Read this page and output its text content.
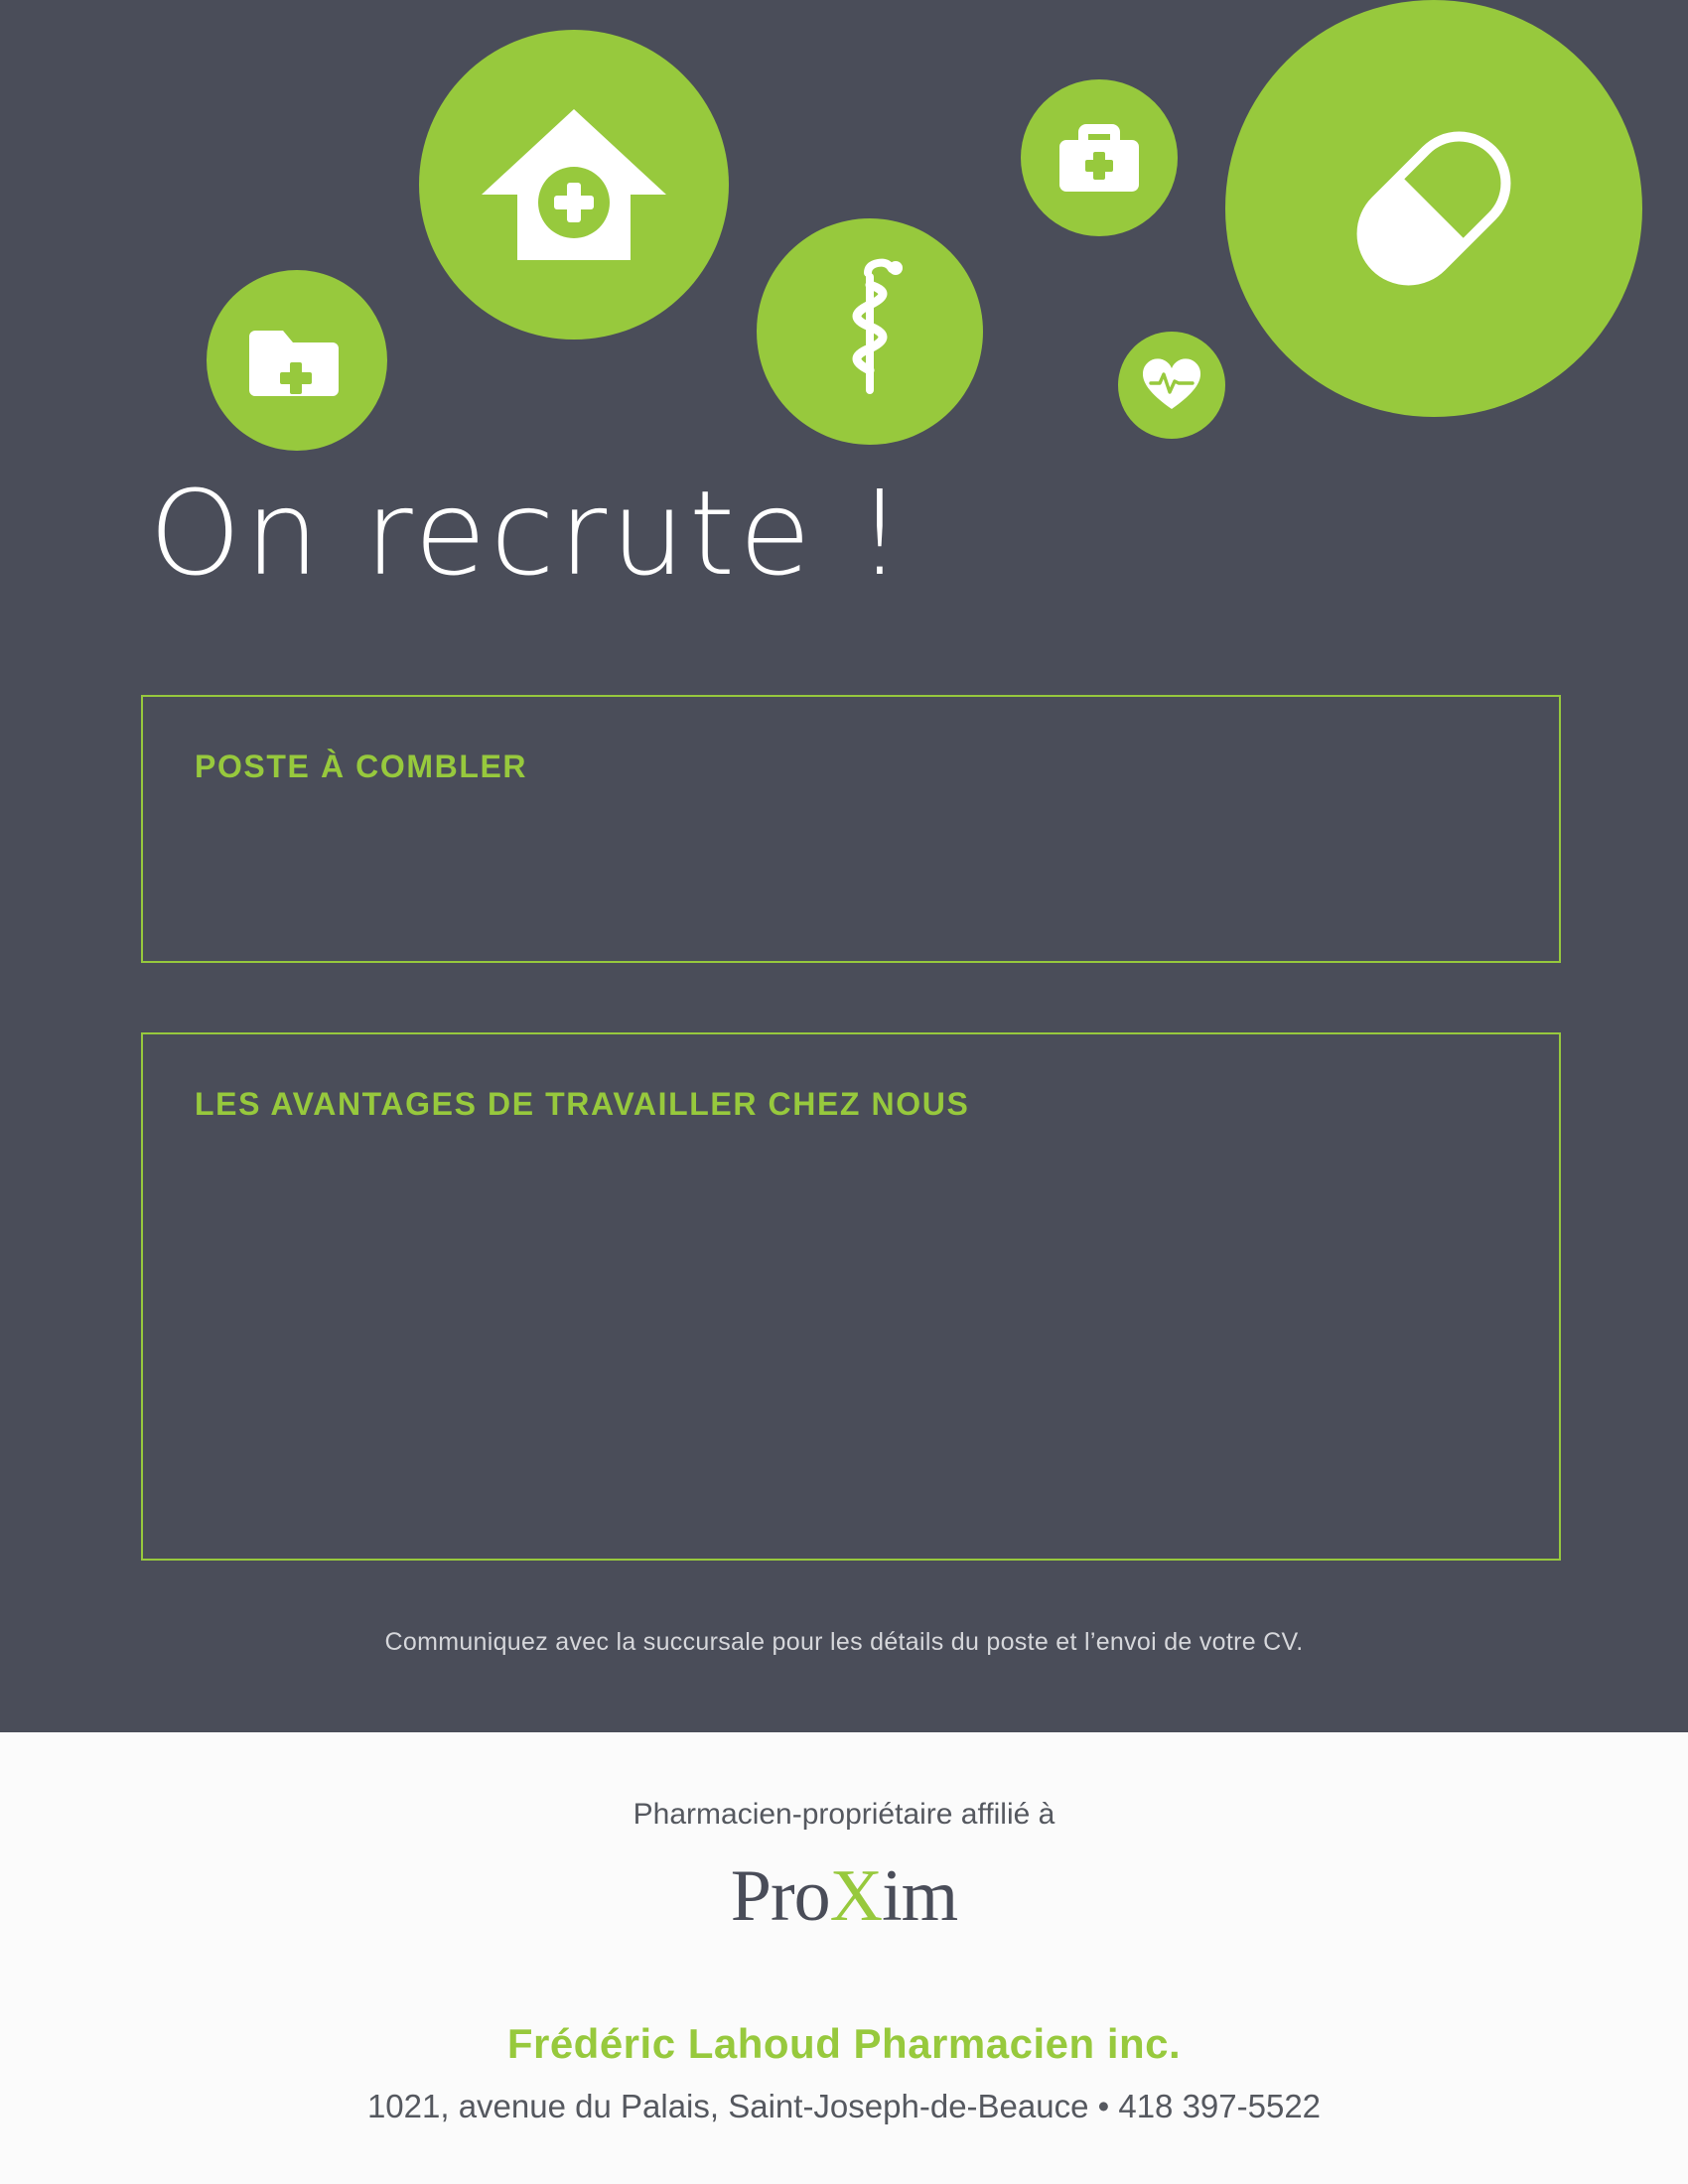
On recrute !
POSTE À COMBLER
LES AVANTAGES DE TRAVAILLER CHEZ NOUS
Communiquez avec la succursale pour les détails du poste et l’envoi de votre CV.
Pharmacien-propriétaire affilié à
ProXim
Frédéric Lahoud Pharmacien inc.
1021, avenue du Palais, Saint-Joseph-de-Beauce • 418 397-5522
